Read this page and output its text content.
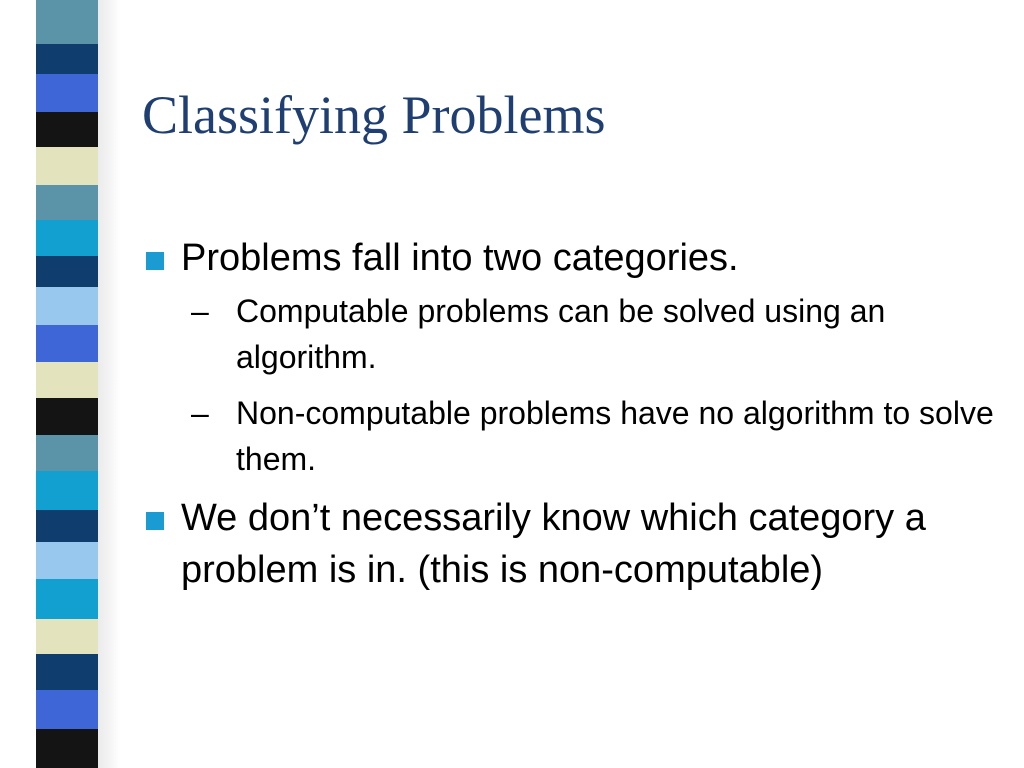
Classifying Problems
Problems fall into two categories.
– Computable problems can be solved using an algorithm.
– Non-computable problems have no algorithm to solve them.
We don’t necessarily know which category a problem is in. (this is non-computable)
